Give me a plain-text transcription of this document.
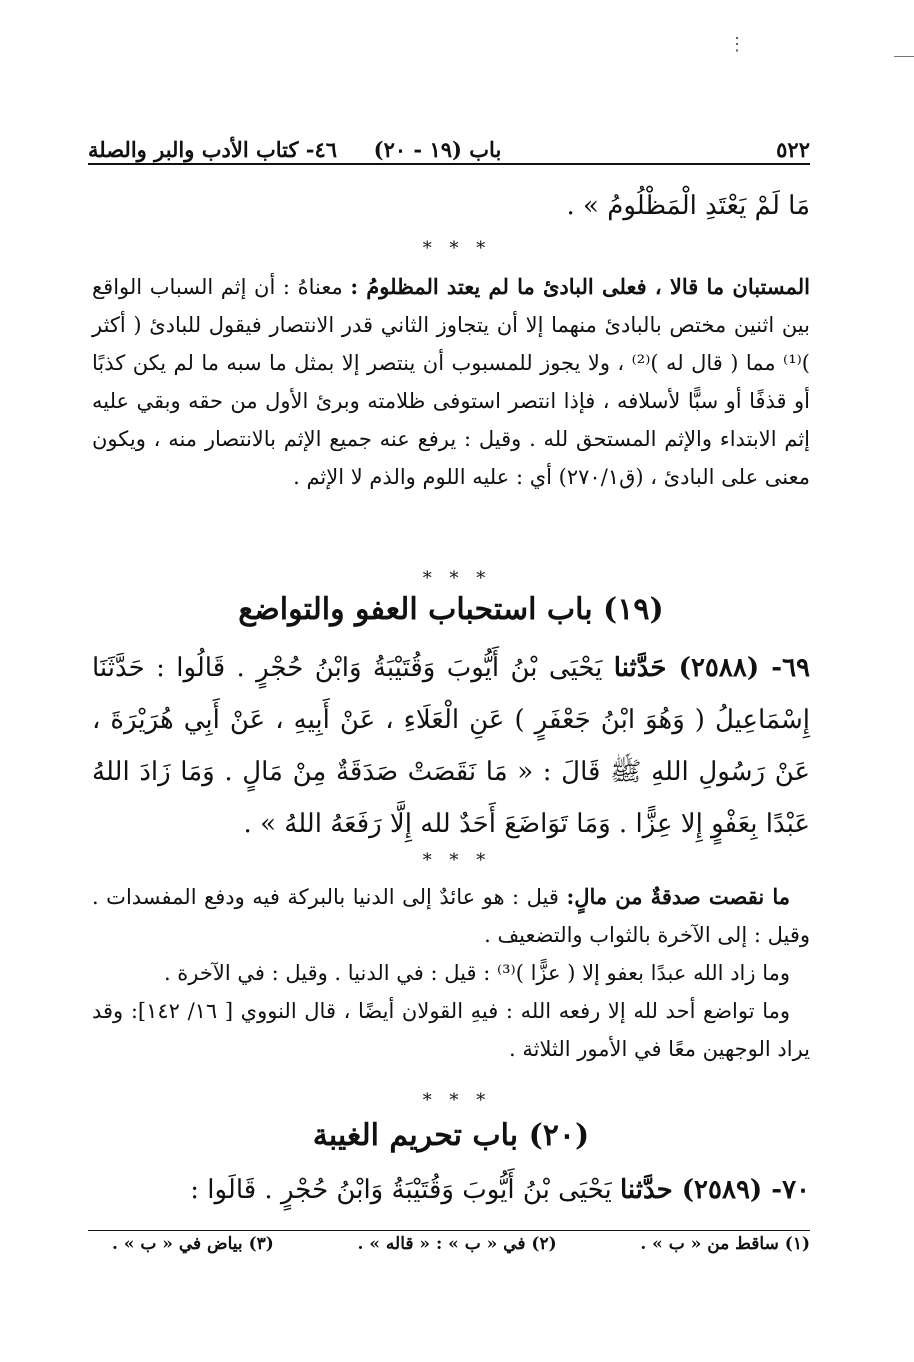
⋮
٥٢٢
باب (١٩ - ٢٠)     ٤٦- كتاب الأدب والبر والصلة
مَا لَمْ يَعْتَدِ الْمَظْلُومُ » .
* * *
المستبان ما قالا ، فعلى البادئ ما لم يعتد المظلومُ : معناهُ : أن إثم السباب الواقع بين اثنين مختص بالبادئ منهما إلا أن يتجاوز الثاني قدر الانتصار فيقول للبادئ ( أكثر )⁽¹⁾ مما ( قال له )⁽²⁾ ، ولا يجوز للمسبوب أن ينتصر إلا بمثل ما سبه ما لم يكن كذبًا أو قذفًا أو سبًّا لأسلافه ، فإذا انتصر استوفى ظلامته وبرئ الأول من حقه وبقي عليه إثم الابتداء والإثم المستحق لله . وقيل : يرفع عنه جميع الإثم بالانتصار منه ، ويكون معنى على البادئ ، (ق٢٧٠/١) أي : عليه اللوم والذم لا الإثم .
* * *
(١٩) باب استحباب العفو والتواضع
٦٩- (٢٥٨٨) حَدَّثنا يَحْيَى بْنُ أَيُّوبَ وَقُتَيْبَةُ وَابْنُ حُجْرٍ . قَالُوا : حَدَّثَنَا إِسْمَاعِيلُ ( وَهُوَ ابْنُ جَعْفَرٍ ) عَنِ الْعَلَاءِ ، عَنْ أَبِيهِ ، عَنْ أَبِي هُرَيْرَةَ ، عَنْ رَسُولِ اللهِ ﷺ قَالَ : « مَا نَقَصَتْ صَدَقَةٌ مِنْ مَالٍ . وَمَا زَادَ اللهُ عَبْدًا بِعَفْوٍ إِلا عِزًّا . وَمَا تَوَاضَعَ أَحَدٌ لله إِلَّا رَفَعَهُ اللهُ » .
* * *
ما نقصت صدقةٌ من مالٍ: قيل : هو عائدٌ إلى الدنيا بالبركة فيه ودفع المفسدات . وقيل : إلى الآخرة بالثواب والتضعيف .
وما زاد الله عبدًا بعفو إلا ( عزًّا )⁽³⁾ : قيل : في الدنيا . وقيل : في الآخرة .
وما تواضع أحد لله إلا رفعه الله : فيهِ القولان أيضًا ، قال النووي [ ١٦/ ١٤٢]: وقد يراد الوجهين معًا في الأمور الثلاثة .
* * *
(٢٠) باب تحريم الغيبة
٧٠- (٢٥٨٩) حدَّثنا يَحْيَى بْنُ أَيُّوبَ وَقُتَيْبَةُ وَابْنُ حُجْرٍ . قَالَوا :
(١) ساقط من « ب » .
(٢) في « ب » : « قاله » .
(٣) بياض في « ب » .
